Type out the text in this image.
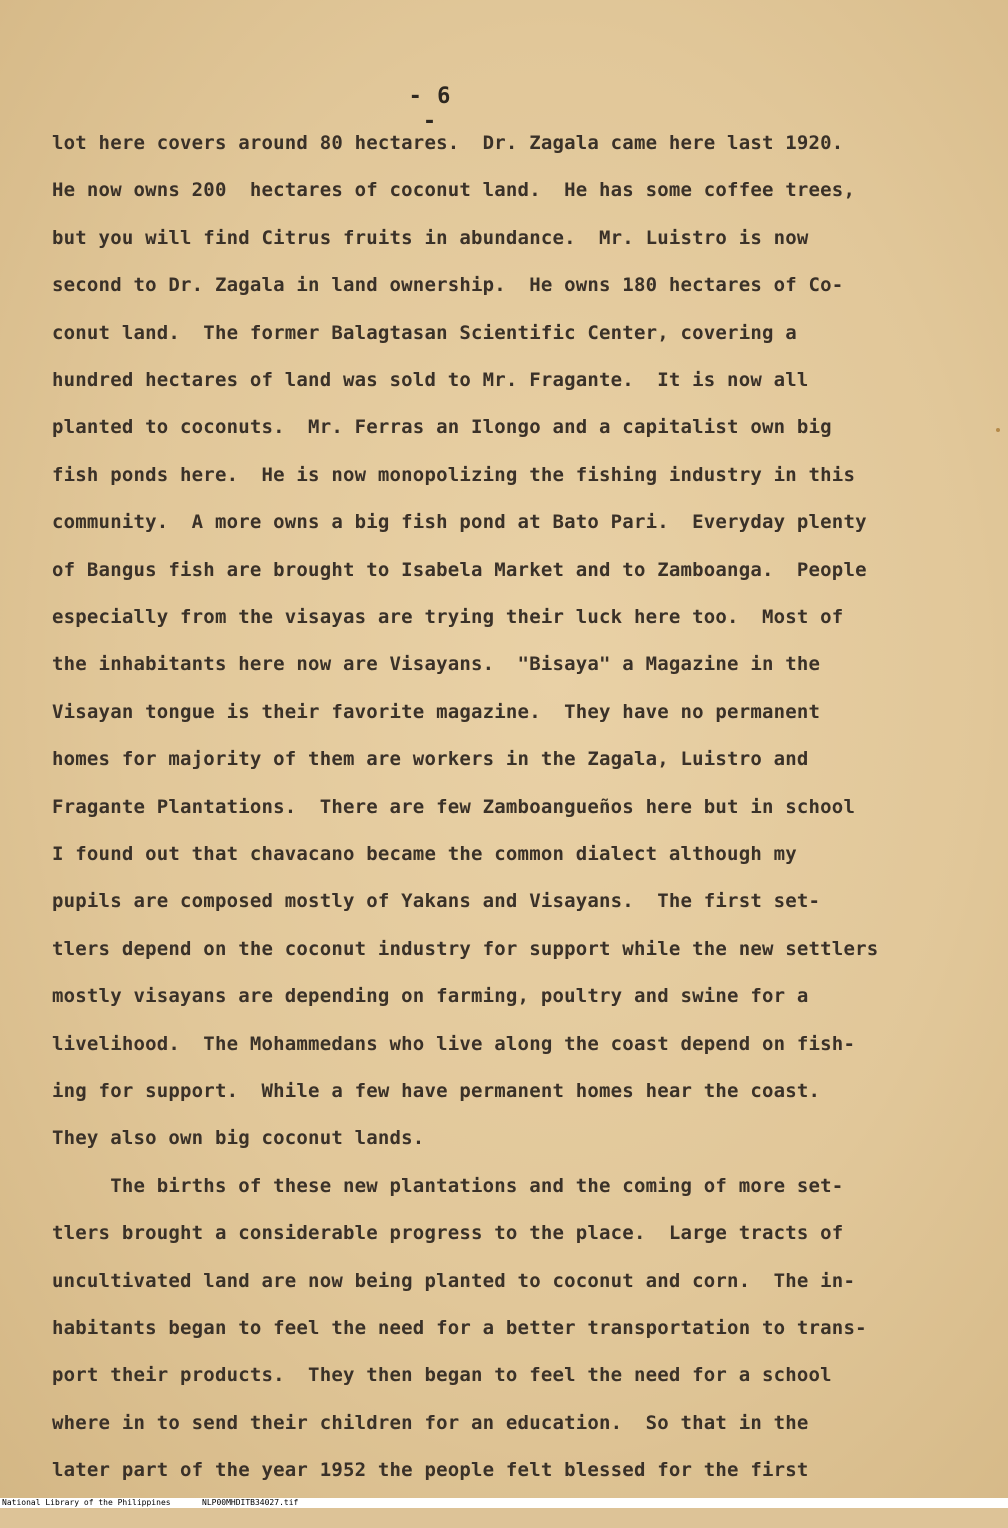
- 6 -
lot here covers around 80 hectares.  Dr. Zagala came here last 1920.
He now owns 200  hectares of coconut land.  He has some coffee trees,
but you will find Citrus fruits in abundance.  Mr. Luistro is now
second to Dr. Zagala in land ownership.  He owns 180 hectares of Co-
conut land.  The former Balagtasan Scientific Center, covering a
hundred hectares of land was sold to Mr. Fragante.  It is now all
planted to coconuts.  Mr. Ferras an Ilongo and a capitalist own big
fish ponds here.  He is now monopolizing the fishing industry in this
community.  A more owns a big fish pond at Bato Pari.  Everyday plenty
of Bangus fish are brought to Isabela Market and to Zamboanga.  People
especially from the visayas are trying their luck here too.  Most of
the inhabitants here now are Visayans.  "Bisaya" a Magazine in the
Visayan tongue is their favorite magazine.  They have no permanent
homes for majority of them are workers in the Zagala, Luistro and
Fragante Plantations.  There are few Zamboangueños here but in school
I found out that chavacano became the common dialect although my
pupils are composed mostly of Yakans and Visayans.  The first set-
tlers depend on the coconut industry for support while the new settlers
mostly visayans are depending on farming, poultry and swine for a
livelihood.  The Mohammedans who live along the coast depend on fish-
ing for support.  While a few have permanent homes hear the coast.
They also own big coconut lands.
The births of these new plantations and the coming of more set-
tlers brought a considerable progress to the place.  Large tracts of
uncultivated land are now being planted to coconut and corn.  The in-
habitants began to feel the need for a better transportation to trans-
port their products.  They then began to feel the need for a school
where in to send their children for an education.  So that in the
later part of the year 1952 the people felt blessed for the first

National Library of the Philippines

	NLP00MHDITB34027.tif
